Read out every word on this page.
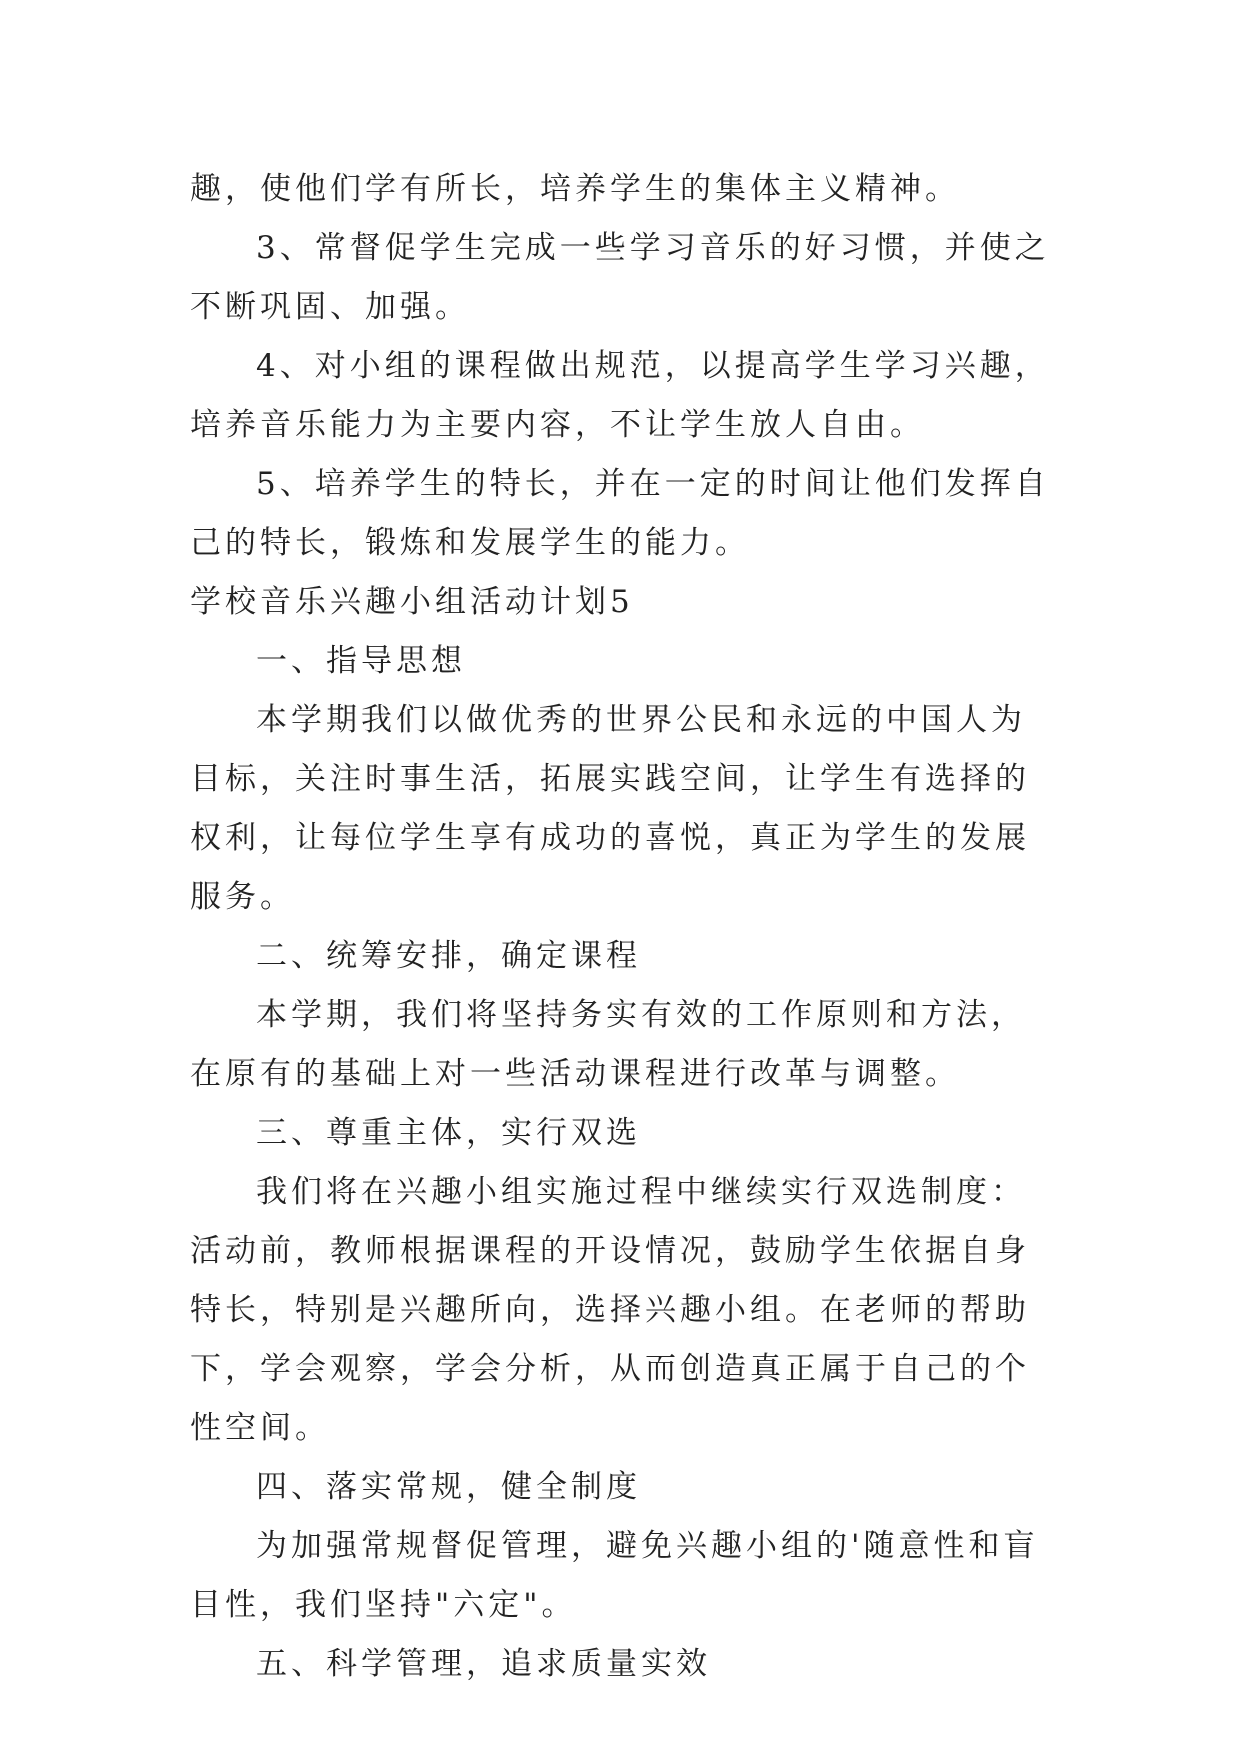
趣，使他们学有所长，培养学生的集体主义精神。

3、常督促学生完成一些学习音乐的好习惯，并使之不断巩固、加强。

4、对小组的课程做出规范，以提高学生学习兴趣，培养音乐能力为主要内容，不让学生放人自由。

5、培养学生的特长，并在一定的时间让他们发挥自己的特长，锻炼和发展学生的能力。

学校音乐兴趣小组活动计划5

一、指导思想

本学期我们以做优秀的世界公民和永远的中国人为目标，关注时事生活，拓展实践空间，让学生有选择的权利，让每位学生享有成功的喜悦，真正为学生的发展服务。

二、统筹安排，确定课程

本学期，我们将坚持务实有效的工作原则和方法，在原有的基础上对一些活动课程进行改革与调整。

三、尊重主体，实行双选

我们将在兴趣小组实施过程中继续实行双选制度：活动前，教师根据课程的开设情况，鼓励学生依据自身特长，特别是兴趣所向，选择兴趣小组。在老师的帮助下，学会观察，学会分析，从而创造真正属于自己的个性空间。

四、落实常规，健全制度

为加强常规督促管理，避免兴趣小组的'随意性和盲目性，我们坚持"六定"。

五、科学管理，追求质量实效
